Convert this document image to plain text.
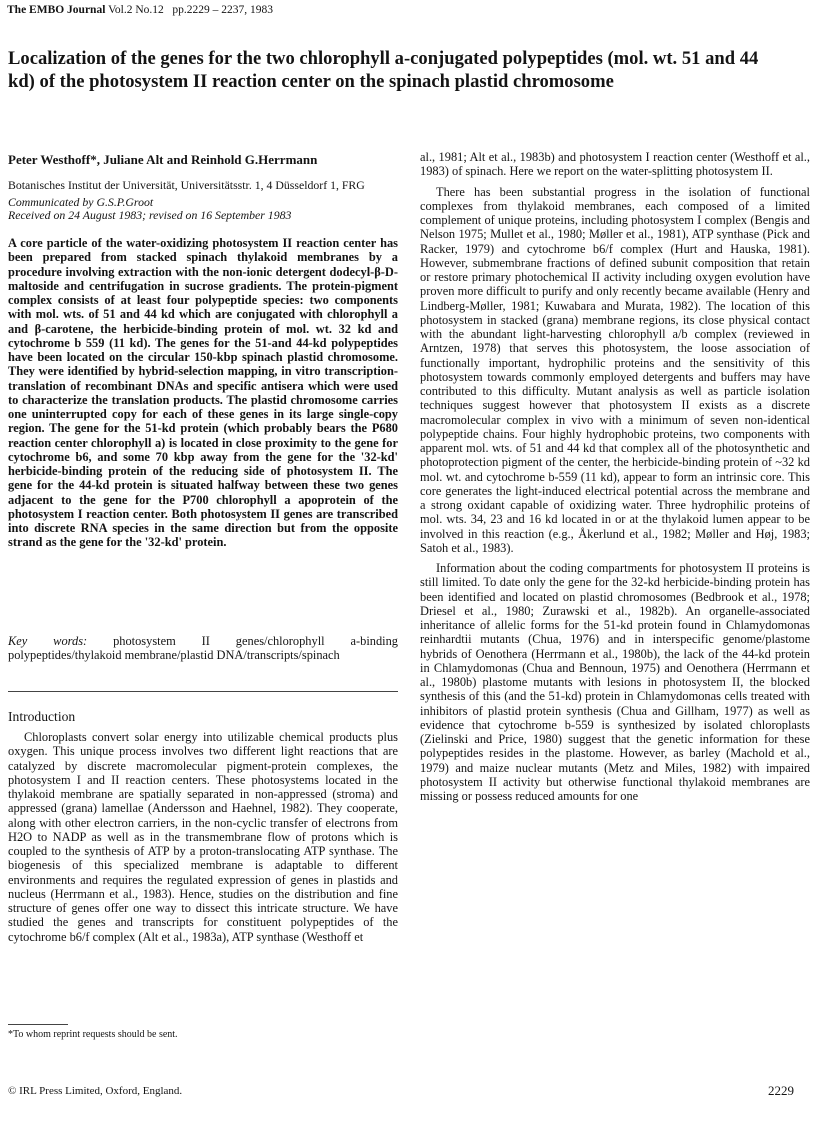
The EMBO Journal Vol.2 No.12 pp.2229 – 2237, 1983
Localization of the genes for the two chlorophyll a-conjugated polypeptides (mol. wt. 51 and 44 kd) of the photosystem II reaction center on the spinach plastid chromosome
Peter Westhoff*, Juliane Alt and Reinhold G.Herrmann
Botanisches Institut der Universität, Universitätsstr. 1, 4 Düsseldorf 1, FRG
Communicated by G.S.P.Groot
Received on 24 August 1983; revised on 16 September 1983
A core particle of the water-oxidizing photosystem II reaction center has been prepared from stacked spinach thylakoid membranes by a procedure involving extraction with the non-ionic detergent dodecyl-β-D-maltoside and centrifugation in sucrose gradients. The protein-pigment complex consists of at least four polypeptide species: two components with mol. wts. of 51 and 44 kd which are conjugated with chlorophyll a and β-carotene, the herbicide-binding protein of mol. wt. 32 kd and cytochrome b 559 (11 kd). The genes for the 51-and 44-kd polypeptides have been located on the circular 150-kbp spinach plastid chromosome. They were identified by hybrid-selection mapping, in vitro transcription-translation of recombinant DNAs and specific antisera which were used to characterize the translation products. The plastid chromosome carries one uninterrupted copy for each of these genes in its large single-copy region. The gene for the 51-kd protein (which probably bears the P680 reaction center chlorophyll a) is located in close proximity to the gene for cytochrome b6, and some 70 kbp away from the gene for the '32-kd' herbicide-binding protein of the reducing side of photosystem II. The gene for the 44-kd protein is situated halfway between these two genes adjacent to the gene for the P700 chlorophyll a apoprotein of the photosystem I reaction center. Both photosystem II genes are transcribed into discrete RNA species in the same direction but from the opposite strand as the gene for the '32-kd' protein.
Key words: photosystem II genes/chlorophyll a-binding polypeptides/thylakoid membrane/plastid DNA/transcripts/spinach
Introduction

Chloroplasts convert solar energy into utilizable chemical products plus oxygen. This unique process involves two different light reactions that are catalyzed by discrete macromolecular pigment-protein complexes, the photosystem I and II reaction centers. These photosystems located in the thylakoid membrane are spatially separated in non-appressed (stroma) and appressed (grana) lamellae (Andersson and Haehnel, 1982). They cooperate, along with other electron carriers, in the non-cyclic transfer of electrons from H2O to NADP as well as in the transmembrane flow of protons which is coupled to the synthesis of ATP by a proton-translocating ATP synthase. The biogenesis of this specialized membrane is adaptable to different environments and requires the regulated expression of genes in plastids and nucleus (Herrmann et al., 1983). Hence, studies on the distribution and fine structure of genes offer one way to dissect this intricate structure. We have studied the genes and transcripts for constituent polypeptides of the cytochrome b6/f complex (Alt et al., 1983a), ATP synthase (Westhoff et

*To whom reprint requests should be sent.

al., 1981; Alt et al., 1983b) and photosystem I reaction center (Westhoff et al., 1983) of spinach. Here we report on the water-splitting photosystem II.

There has been substantial progress in the isolation of functional complexes from thylakoid membranes, each composed of a limited complement of unique proteins, including photosystem I complex (Bengis and Nelson 1975; Mullet et al., 1980; Møller et al., 1981), ATP synthase (Pick and Racker, 1979) and cytochrome b6/f complex (Hurt and Hauska, 1981). However, submembrane fractions of defined subunit composition that retain or restore primary photochemical II activity including oxygen evolution have proven more difficult to purify and only recently became available (Henry and Lindberg-Møller, 1981; Kuwabara and Murata, 1982). The location of this photosystem in stacked (grana) membrane regions, its close physical contact with the abundant light-harvesting chlorophyll a/b complex (reviewed in Arntzen, 1978) that serves this photosystem, the loose association of functionally important, hydrophilic proteins and the sensitivity of this photosystem towards commonly employed detergents and buffers may have contributed to this difficulty. Mutant analysis as well as particle isolation techniques suggest however that photosystem II exists as a discrete macromolecular complex in vivo with a minimum of seven non-identical polypeptide chains. Four highly hydrophobic proteins, two components with apparent mol. wts. of 51 and 44 kd that complex all of the photosynthetic and photoprotection pigment of the center, the herbicide-binding protein of ~32 kd mol. wt. and cytochrome b-559 (11 kd), appear to form an intrinsic core. This core generates the light-induced electrical potential across the membrane and a strong oxidant capable of oxidizing water. Three hydrophilic proteins of mol. wts. 34, 23 and 16 kd located in or at the thylakoid lumen appear to be involved in this reaction (e.g., Åkerlund et al., 1982; Møller and Høj, 1983; Satoh et al., 1983).

Information about the coding compartments for photosystem II proteins is still limited. To date only the gene for the 32-kd herbicide-binding protein has been identified and located on plastid chromosomes (Bedbrook et al., 1978; Driesel et al., 1980; Zurawski et al., 1982b). An organelle-associated inheritance of allelic forms for the 51-kd protein found in Chlamydomonas reinhardtii mutants (Chua, 1976) and in interspecific genome/plastome hybrids of Oenothera (Herrmann et al., 1980b), the lack of the 44-kd protein in Chlamydomonas (Chua and Bennoun, 1975) and Oenothera (Herrmann et al., 1980b) plastome mutants with lesions in photosystem II, the blocked synthesis of this (and the 51-kd) protein in Chlamydomonas cells treated with inhibitors of plastid protein synthesis (Chua and Gillham, 1977) as well as evidence that cytochrome b-559 is synthesized by isolated chloroplasts (Zielinski and Price, 1980) suggest that the genetic information for these polypeptides resides in the plastome. However, as barley (Machold et al., 1979) and maize nuclear mutants (Metz and Miles, 1982) with impaired photosystem II activity but otherwise functional thylakoid membranes are missing or possess reduced amounts for one

© IRL Press Limited, Oxford, England.	2229
